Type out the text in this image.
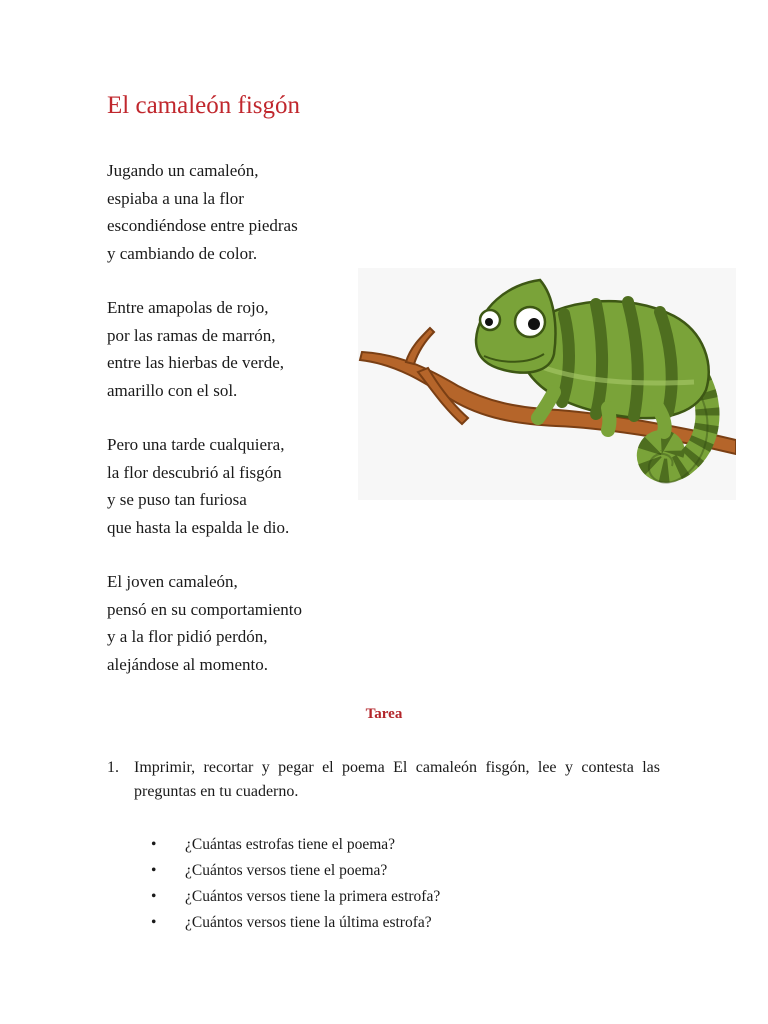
El camaleón fisgón
Jugando un camaleón,
espiaba a una la flor
escondiéndose entre piedras
y cambiando de color.
Entre amapolas de rojo,
por las ramas de marrón,
entre las hierbas de verde,
amarillo con el sol.
Pero una tarde cualquiera,
la flor descubrió al fisgón
y se puso tan furiosa
que hasta la espalda le dio.
El joven camaleón,
pensó en su comportamiento
y a la flor pidió perdón,
alejándose al momento.
Tarea
1. Imprimir, recortar y pegar el poema El camaleón fisgón, lee y contesta las preguntas en tu cuaderno.
• ¿Cuántas estrofas tiene el poema?
• ¿Cuántos versos tiene el poema?
• ¿Cuántos versos tiene la primera estrofa?
• ¿Cuántos versos tiene la última estrofa?
